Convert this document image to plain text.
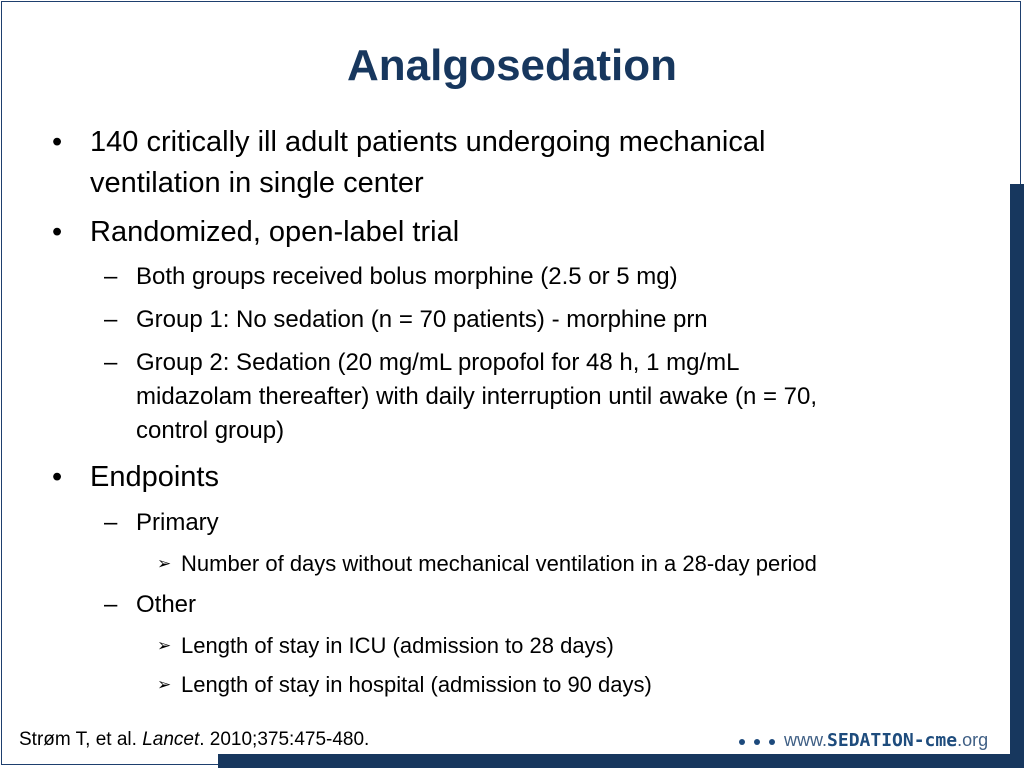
Analgosedation
• 140 critically ill adult patients undergoing mechanical
ventilation in single center
• Randomized, open-label trial
– Both groups received bolus morphine (2.5 or 5 mg)
– Group 1: No sedation (n = 70 patients) - morphine prn
– Group 2: Sedation (20 mg/mL propofol for 48 h, 1 mg/mL
midazolam thereafter) with daily interruption until awake (n = 70,
control group)
• Endpoints
– Primary
➢ Number of days without mechanical ventilation in a 28-day period
– Other
➢ Length of stay in ICU (admission to 28 days)
➢ Length of stay in hospital (admission to 90 days)
Strøm T, et al. Lancet. 2010;375:475-480.	www.SEDATION-cme.org
